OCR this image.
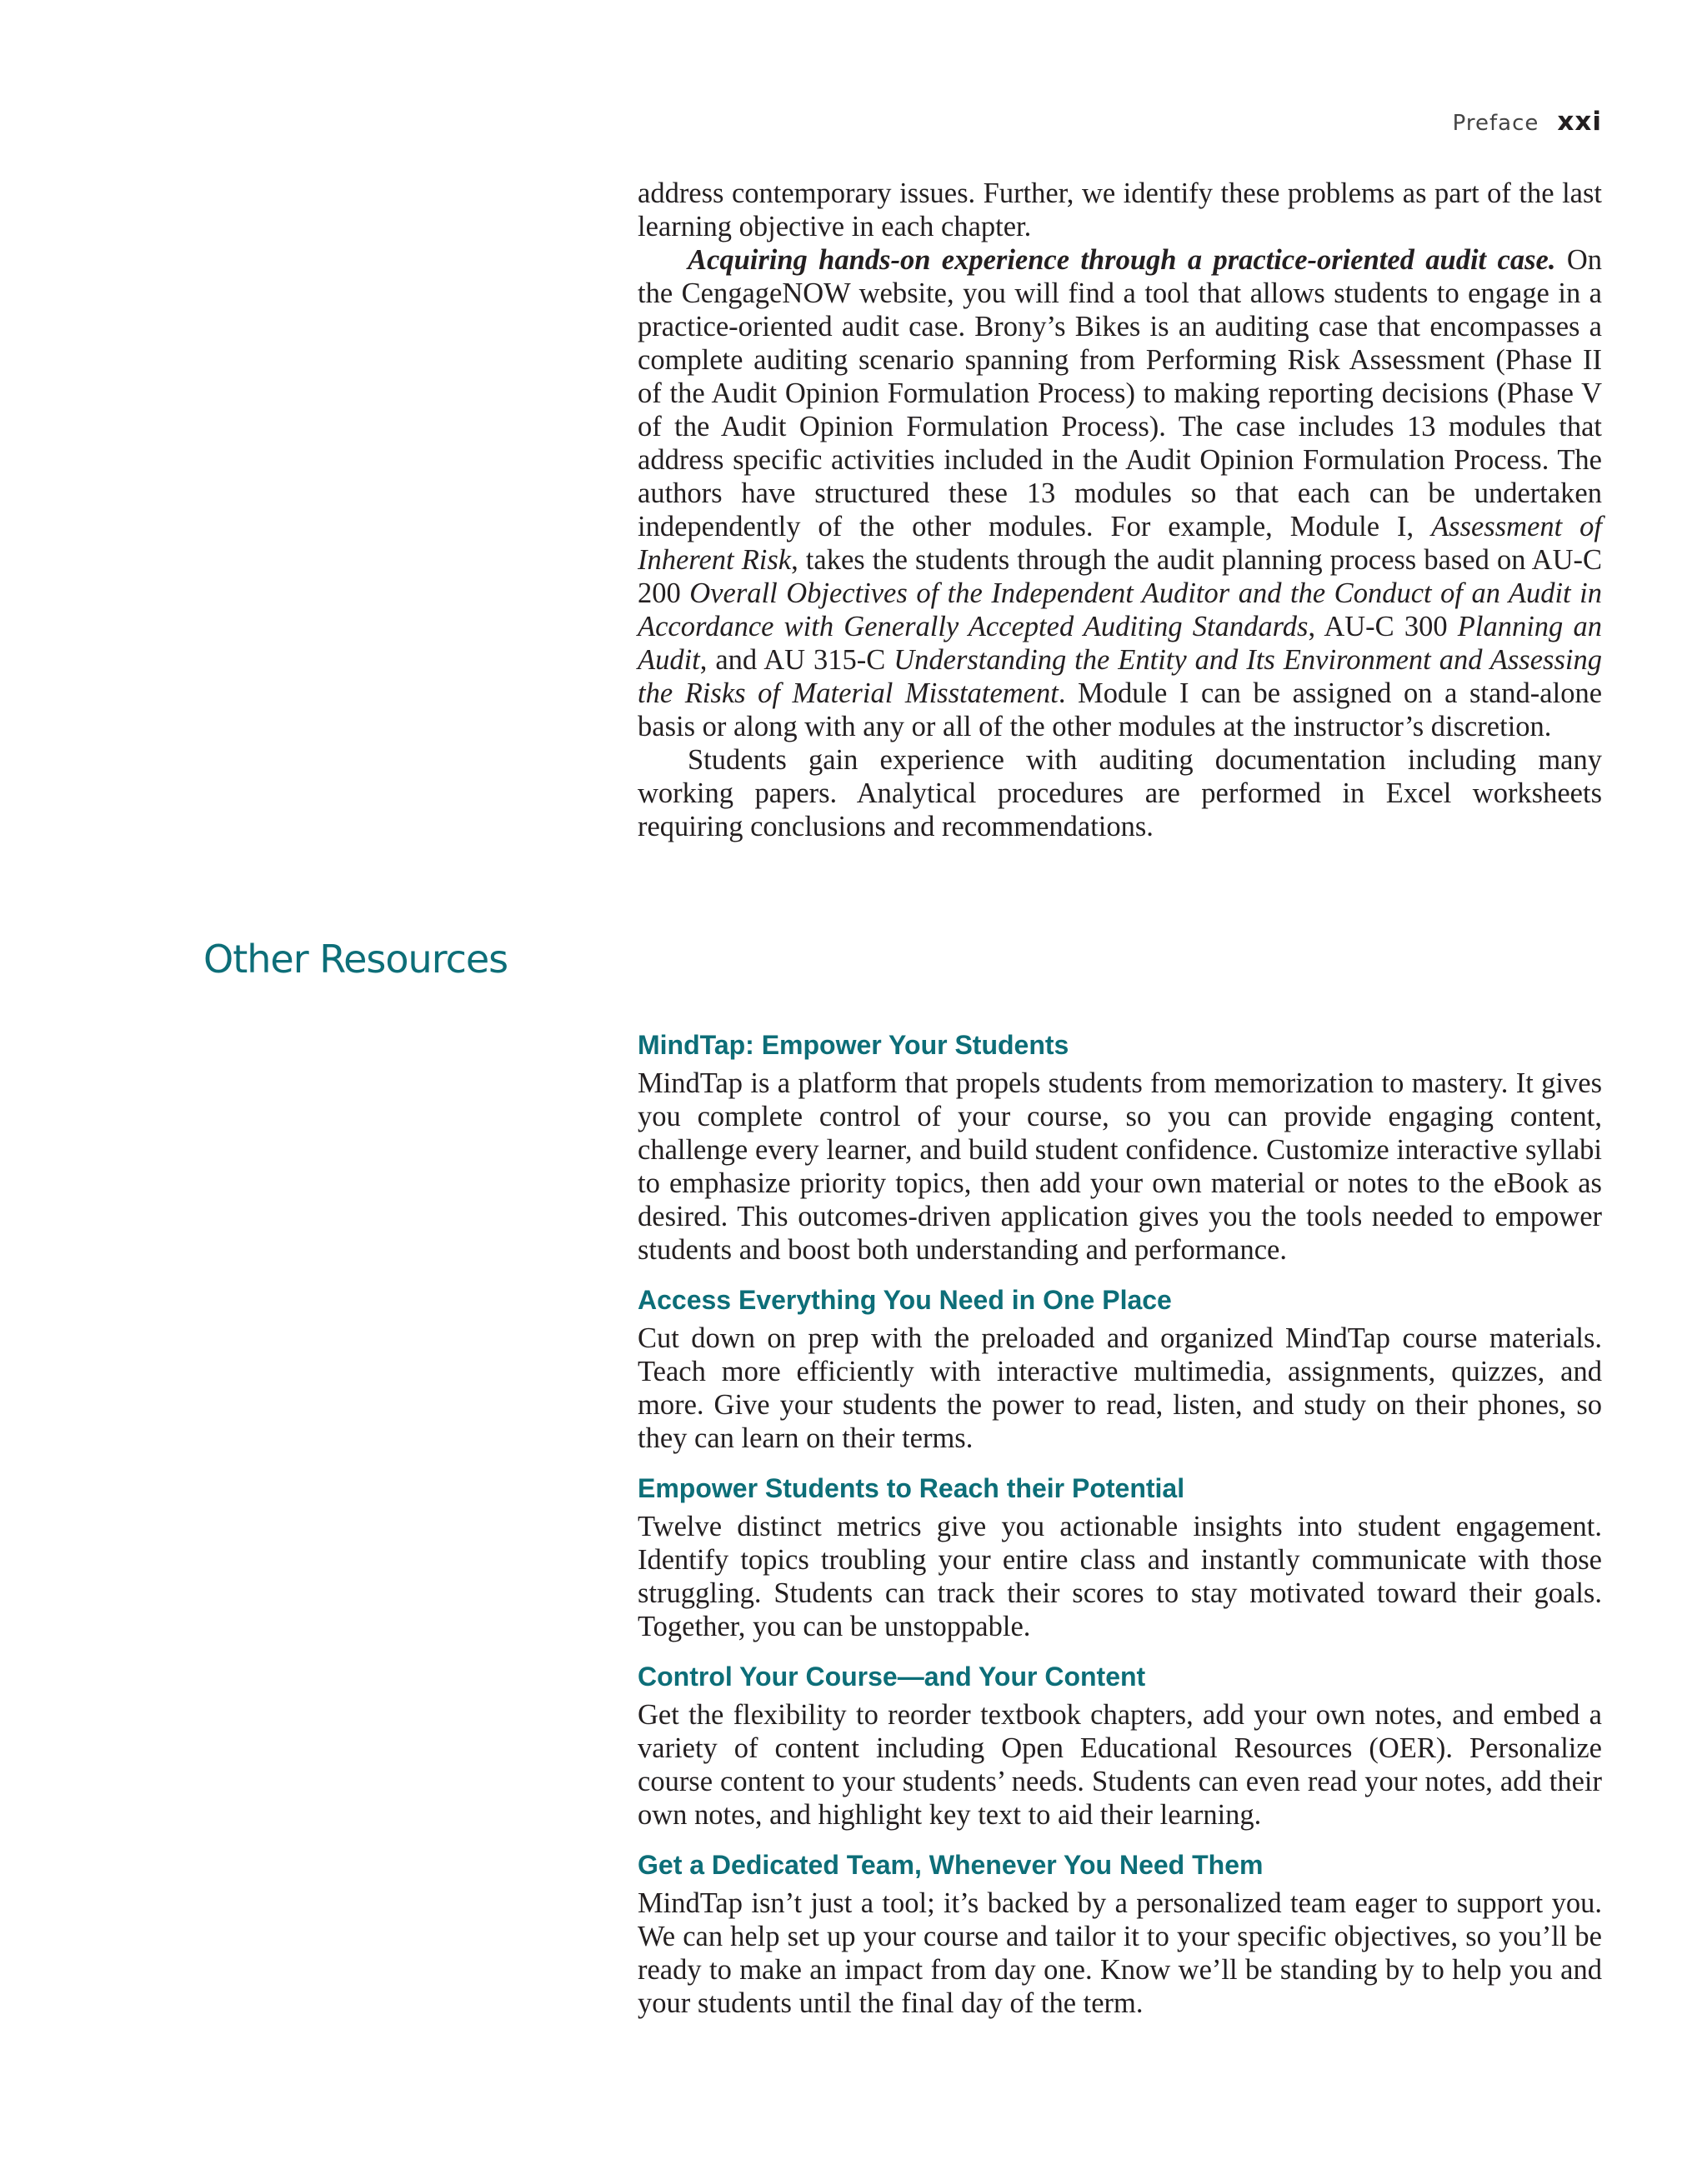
Preface xxi

address contemporary issues. Further, we identify these problems as part of the last learning objective in each chapter.

Acquiring hands-on experience through a practice-oriented audit case. On the CengageNOW website, you will find a tool that allows students to engage in a practice-oriented audit case. Brony’s Bikes is an auditing case that encompasses a complete auditing scenario spanning from Performing Risk Assessment (Phase II of the Audit Opinion Formulation Process) to making reporting decisions (Phase V of the Audit Opinion Formulation Process). The case includes 13 modules that address specific activities included in the Audit Opinion Formulation Process. The authors have structured these 13 modules so that each can be undertaken independently of the other modules. For example, Module I, Assessment of Inherent Risk, takes the students through the audit planning process based on AU-C 200 Overall Objectives of the Independent Auditor and the Conduct of an Audit in Accordance with Generally Accepted Auditing Standards, AU-C 300 Planning an Audit, and AU 315-C Understanding the Entity and Its Environment and Assessing the Risks of Material Misstatement. Module I can be assigned on a stand-alone basis or along with any or all of the other modules at the instructor’s discretion.

Students gain experience with auditing documentation including many working papers. Analytical procedures are performed in Excel worksheets requiring conclusions and recommendations.

Other Resources
MindTap: Empower Your Students

MindTap is a platform that propels students from memorization to mastery. It gives you complete control of your course, so you can provide engaging content, challenge every learner, and build student confidence. Customize interactive syllabi to emphasize priority topics, then add your own material or notes to the eBook as desired. This outcomes-driven application gives you the tools needed to empower students and boost both understanding and performance.

Access Everything You Need in One Place

Cut down on prep with the preloaded and organized MindTap course materials. Teach more efficiently with interactive multimedia, assignments, quizzes, and more. Give your students the power to read, listen, and study on their phones, so they can learn on their terms.

Empower Students to Reach their Potential

Twelve distinct metrics give you actionable insights into student engagement. Identify topics troubling your entire class and instantly communicate with those struggling. Students can track their scores to stay motivated toward their goals. Together, you can be unstoppable.

Control Your Course—and Your Content

Get the flexibility to reorder textbook chapters, add your own notes, and embed a variety of content including Open Educational Resources (OER). Personalize course content to your students’ needs. Students can even read your notes, add their own notes, and highlight key text to aid their learning.

Get a Dedicated Team, Whenever You Need Them

MindTap isn’t just a tool; it’s backed by a personalized team eager to support you. We can help set up your course and tailor it to your specific objectives, so you’ll be ready to make an impact from day one. Know we’ll be standing by to help you and your students until the final day of the term.
